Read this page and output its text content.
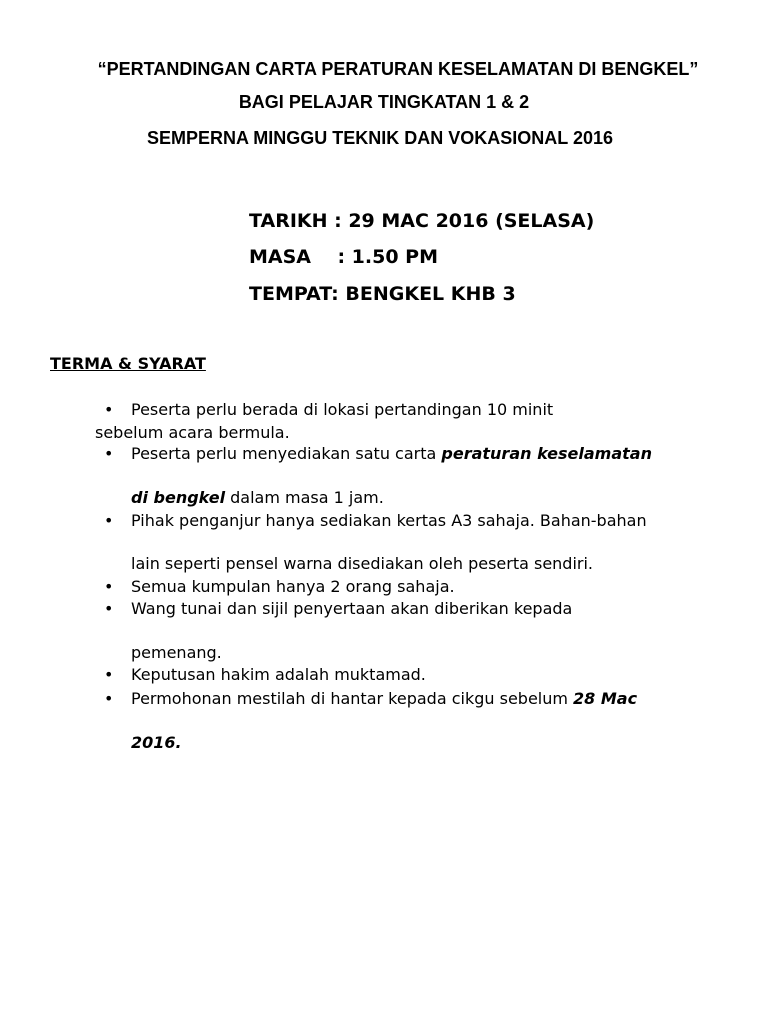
“PERTANDINGAN CARTA PERATURAN KESELAMATAN DI BENGKEL”
BAGI PELAJAR TINGKATAN 1 & 2
SEMPERNA MINGGU TEKNIK DAN VOKASIONAL 2016
TARIKH : 29 MAC 2016 (SELASA)
MASA    : 1.50 PM
TEMPAT: BENGKEL KHB 3
TERMA & SYARAT
• Peserta perlu berada di lokasi pertandingan 10 minit
sebelum acara bermula.
• Peserta perlu menyediakan satu carta peraturan keselamatan
di bengkel dalam masa 1 jam.
• Pihak penganjur hanya sediakan kertas A3 sahaja. Bahan-bahan
lain seperti pensel warna disediakan oleh peserta sendiri.
• Semua kumpulan hanya 2 orang sahaja.
• Wang tunai dan sijil penyertaan akan diberikan kepada
pemenang.
• Keputusan hakim adalah muktamad.
• Permohonan mestilah di hantar kepada cikgu sebelum 28 Mac
2016.
